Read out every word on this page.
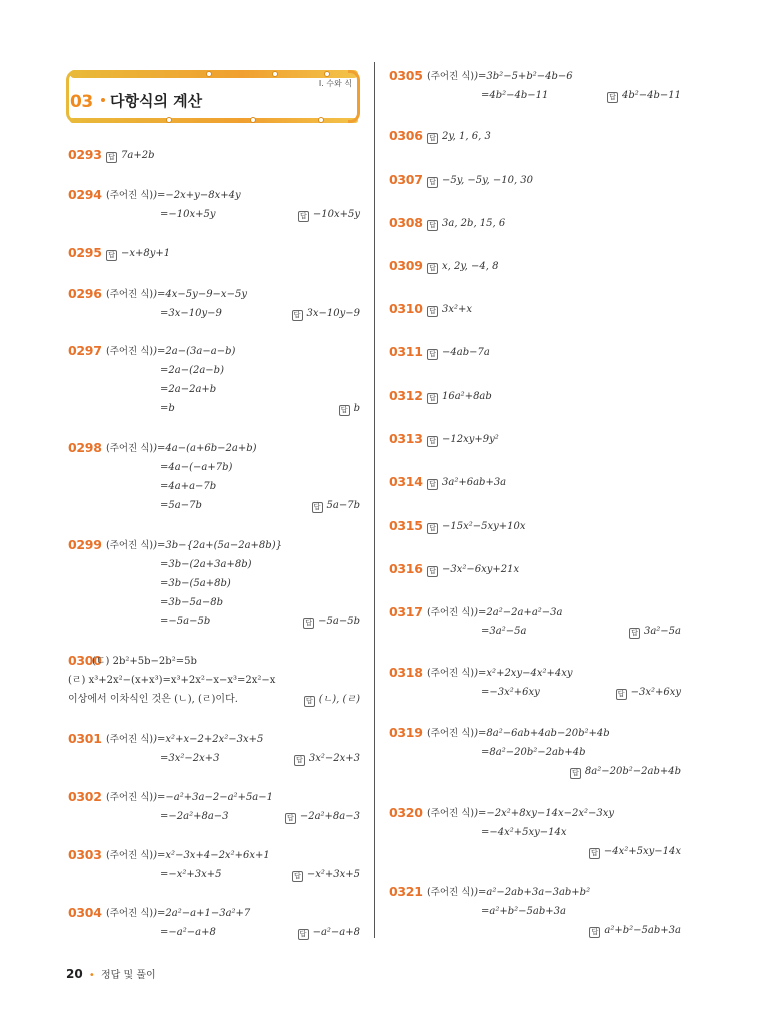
I. 수와 식
03 다항식의 계산
0293 답 7a+2b
0294 (주어진 식))=−2x+y−8x+4y
=−10x+5y	답 −10x+5y
0295 답 −x+8y+1
0296 (주어진 식))=4x−5y−9−x−5y
=3x−10y−9	답 3x−10y−9
0297 (주어진 식))=2a−(3a−a−b)
=2a−(2a−b)
=2a−2a+b
=b	답 b
0298 (주어진 식))=4a−(a+6b−2a+b)
=4a−(−a+7b)
=4a+a−7b
=5a−7b	답 5a−7b
0299 (주어진 식))=3b−{2a+(5a−2a+8b)}
=3b−(2a+3a+8b)
=3b−(5a+8b)
=3b−5a−8b
=−5a−5b	답 −5a−5b
0300
(ㄷ) 2b²+5b−2b²=5b
(ㄹ) x³+2x²−(x+x³)=x³+2x²−x−x³=2x²−x
이상에서 이차식인 것은 (ㄴ), (ㄹ)이다.	답 (ㄴ), (ㄹ)
0301 (주어진 식))=x²+x−2+2x²−3x+5
=3x²−2x+3	답 3x²−2x+3
0302 (주어진 식))=−a²+3a−2−a²+5a−1
=−2a²+8a−3	답 −2a²+8a−3
0303 (주어진 식))=x²−3x+4−2x²+6x+1
=−x²+3x+5	답 −x²+3x+5
0304 (주어진 식))=2a²−a+1−3a²+7
=−a²−a+8	답 −a²−a+8
0305 (주어진 식))=3b²−5+b²−4b−6
=4b²−4b−11	답 4b²−4b−11
0306 답 2y, 1, 6, 3
0307 답 −5y, −5y, −10, 30
0308 답 3a, 2b, 15, 6
0309 답 x, 2y, −4, 8
0310 답 3x²+x
0311 답 −4ab−7a
0312 답 16a²+8ab
0313 답 −12xy+9y²
0314 답 3a²+6ab+3a
0315 답 −15x²−5xy+10x
0316 답 −3x²−6xy+21x
0317 (주어진 식))=2a²−2a+a²−3a
=3a²−5a	답 3a²−5a
0318 (주어진 식))=x²+2xy−4x²+4xy
=−3x²+6xy	답 −3x²+6xy
0319 (주어진 식))=8a²−6ab+4ab−20b²+4b
=8a²−20b²−2ab+4b
답 8a²−20b²−2ab+4b
0320 (주어진 식))=−2x²+8xy−14x−2x²−3xy
=−4x²+5xy−14x
답 −4x²+5xy−14x
0321 (주어진 식))=a²−2ab+3a−3ab+b²
=a²+b²−5ab+3a
답 a²+b²−5ab+3a
20 • 정답 및 풀이
